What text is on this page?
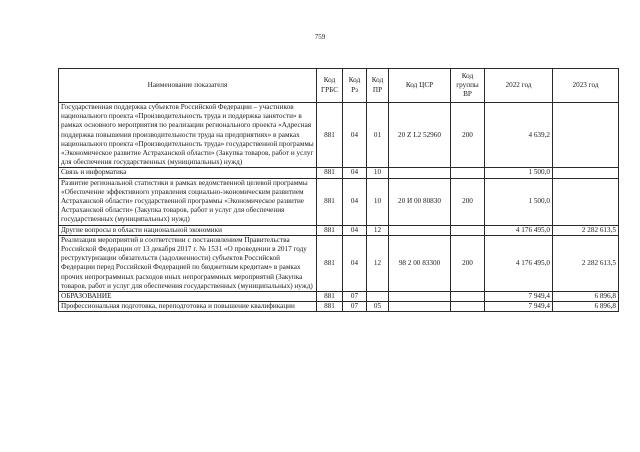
759
Наименование показателя	Код ГРБС	Код Рз	Код ПР	Код ЦСР	Код группы ВР	2022 год	2023 год
Государственная поддержка субъектов Российской Федерации – участников национального проекта «Производительность труда и поддержка занятости» в рамках основного мероприятия по реализации регионального проекта «Адресная поддержка повышения производительности труда на предприятиях» в рамках национального проекта «Производительность труда» государственной программы «Экономическое развитие Астраханской области» (Закупка товаров, работ и услуг для обеспечения государственных (муниципальных) нужд)	881	04	01	20 Z L2 52960	200	4 639,2	
Связь и информатика	881	04	10			1 500,0	
Развитие региональной статистики в рамках ведомственной целевой программы «Обеспечение эффективного управления социально-экономическим развитием Астраханской области» государственной программы «Экономическое развитие Астраханской области» (Закупка товаров, работ и услуг для обеспечения государственных (муниципальных) нужд)	881	04	10	20 И 00 80830	200	1 500,0	
Другие вопросы в области национальной экономики	881	04	12			4 176 495,0	2 282 613,5
Реализация мероприятий в соответствии с постановлением Правительства Российской Федерации от 13 декабря 2017 г. № 1531 «О проведении в 2017 году реструктуризации обязательств (задолженности) субъектов Российской Федерации перед Российской Федерацией по бюджетным кредитам» в рамках прочих непрограммных расходов иных непрограммных мероприятий (Закупка товаров, работ и услуг для обеспечения государственных (муниципальных) нужд)	881	04	12	98 2 00 83300	200	4 176 495,0	2 282 613,5
ОБРАЗОВАНИЕ	881	07				7 949,4	6 896,8
Профессиональная подготовка, переподготовка и повышение квалификации	881	07	05			7 949,4	6 896,8
